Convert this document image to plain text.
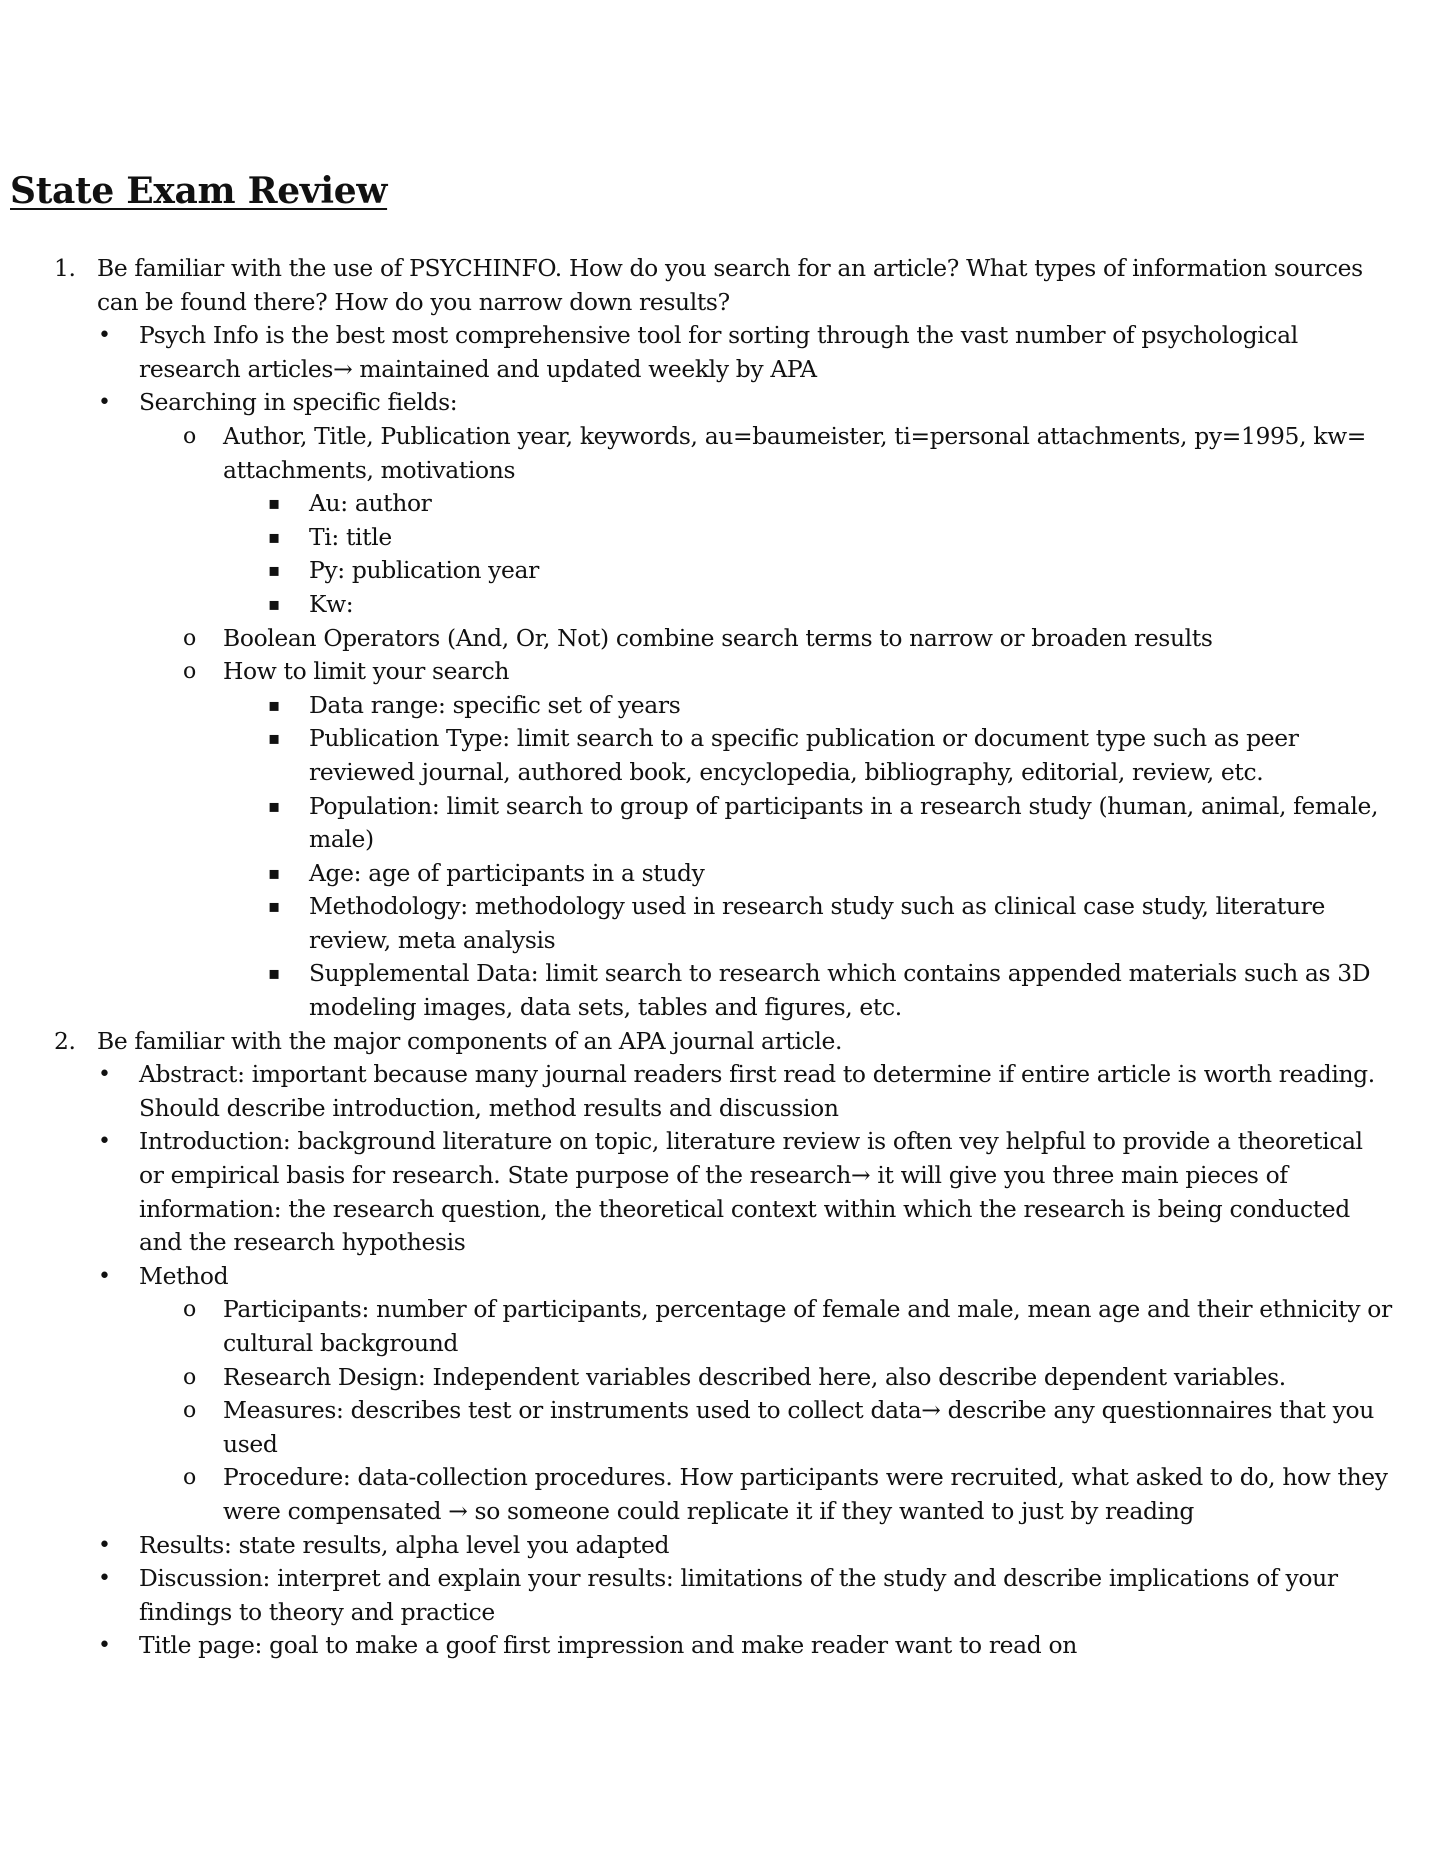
State Exam Review
1. Be familiar with the use of PSYCHINFO. How do you search for an article? What types of information sources
can be found there? How do you narrow down results?
• Psych Info is the best most comprehensive tool for sorting through the vast number of psychological
research articles→ maintained and updated weekly by APA
• Searching in specific fields:
o Author, Title, Publication year, keywords, au=baumeister, ti=personal attachments, py=1995, kw=
attachments, motivations
▪ Au: author
▪ Ti: title
▪ Py: publication year
▪ Kw:
o Boolean Operators (And, Or, Not) combine search terms to narrow or broaden results
o How to limit your search
▪ Data range: specific set of years
▪ Publication Type: limit search to a specific publication or document type such as peer
reviewed journal, authored book, encyclopedia, bibliography, editorial, review, etc.
▪ Population: limit search to group of participants in a research study (human, animal, female,
male)
▪ Age: age of participants in a study
▪ Methodology: methodology used in research study such as clinical case study, literature
review, meta analysis
▪ Supplemental Data: limit search to research which contains appended materials such as 3D
modeling images, data sets, tables and figures, etc.
2. Be familiar with the major components of an APA journal article.
• Abstract: important because many journal readers first read to determine if entire article is worth reading.
Should describe introduction, method results and discussion
• Introduction: background literature on topic, literature review is often vey helpful to provide a theoretical
or empirical basis for research. State purpose of the research→ it will give you three main pieces of
information: the research question, the theoretical context within which the research is being conducted
and the research hypothesis
• Method
o Participants: number of participants, percentage of female and male, mean age and their ethnicity or
cultural background
o Research Design: Independent variables described here, also describe dependent variables.
o Measures: describes test or instruments used to collect data→ describe any questionnaires that you
used
o Procedure: data-collection procedures. How participants were recruited, what asked to do, how they
were compensated → so someone could replicate it if they wanted to just by reading
• Results: state results, alpha level you adapted
• Discussion: interpret and explain your results: limitations of the study and describe implications of your
findings to theory and practice
• Title page: goal to make a goof first impression and make reader want to read on
